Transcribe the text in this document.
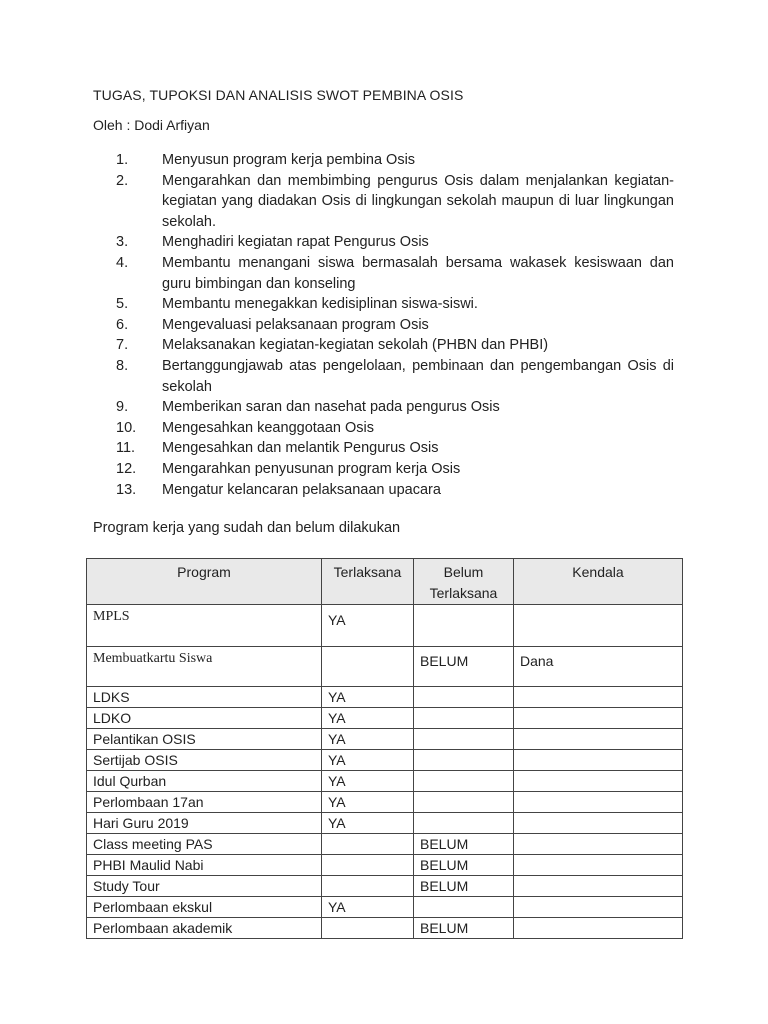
TUGAS, TUPOKSI DAN ANALISIS SWOT PEMBINA OSIS
Oleh : Dodi Arfiyan
1. Menyusun program kerja pembina Osis
2. Mengarahkan dan membimbing pengurus Osis dalam menjalankan kegiatan-kegiatan yang diadakan Osis di lingkungan sekolah maupun di luar lingkungan sekolah.
3. Menghadiri kegiatan rapat Pengurus Osis
4. Membantu menangani siswa bermasalah bersama wakasek kesiswaan dan guru bimbingan dan konseling
5. Membantu menegakkan kedisiplinan siswa-siswi.
6. Mengevaluasi pelaksanaan program Osis
7. Melaksanakan kegiatan-kegiatan sekolah (PHBN dan PHBI)
8. Bertanggungjawab atas pengelolaan, pembinaan dan pengembangan Osis di sekolah
9. Memberikan saran dan nasehat pada pengurus Osis
10. Mengesahkan keanggotaan Osis
11. Mengesahkan dan melantik Pengurus Osis
12. Mengarahkan penyusunan program kerja Osis
13. Mengatur kelancaran pelaksanaan upacara
Program kerja yang sudah dan belum dilakukan
Program	Terlaksana	Belum Terlaksana	Kendala
MPLS	YA		
Membuatkartu Siswa		BELUM	Dana
LDKS	YA		
LDKO	YA		
Pelantikan OSIS	YA		
Sertijab OSIS	YA		
Idul Qurban	YA		
Perlombaan 17an	YA		
Hari Guru 2019	YA		
Class meeting PAS		BELUM	
PHBI Maulid Nabi		BELUM	
Study Tour		BELUM	
Perlombaan ekskul	YA		
Perlombaan akademik		BELUM	
